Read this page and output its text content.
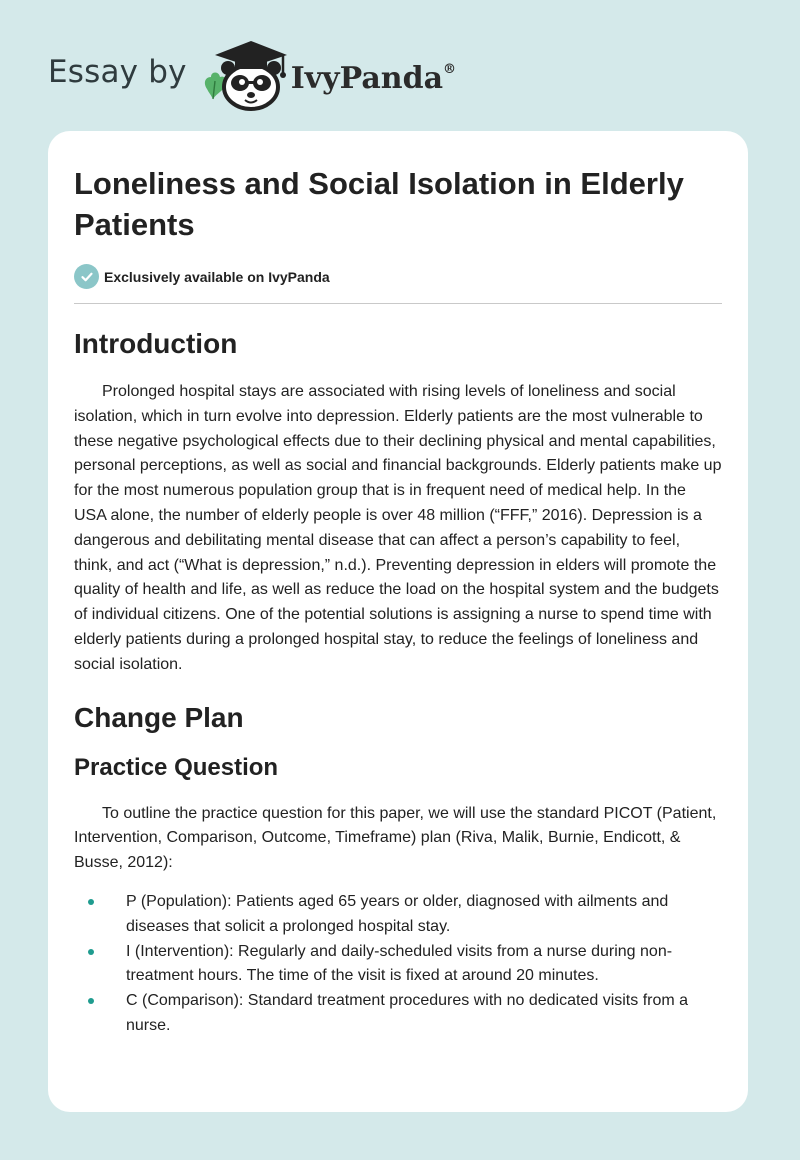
Essay by	IvyPanda®
Loneliness and Social Isolation in Elderly Patients
Exclusively available on IvyPanda
Introduction

Prolonged hospital stays are associated with rising levels of loneliness and social isolation, which in turn evolve into depression. Elderly patients are the most vulnerable to these negative psychological effects due to their declining physical and mental capabilities, personal perceptions, as well as social and financial backgrounds. Elderly patients make up for the most numerous population group that is in frequent need of medical help. In the USA alone, the number of elderly people is over 48 million (“FFF,” 2016). Depression is a dangerous and debilitating mental disease that can affect a person’s capability to feel, think, and act (“What is depression,” n.d.). Preventing depression in elders will promote the quality of health and life, as well as reduce the load on the hospital system and the budgets of individual citizens. One of the potential solutions is assigning a nurse to spend time with elderly patients during a prolonged hospital stay, to reduce the feelings of loneliness and social isolation.

Change Plan
Practice Question

To outline the practice question for this paper, we will use the standard PICOT (Patient, Intervention, Comparison, Outcome, Timeframe) plan (Riva, Malik, Burnie, Endicott, & Busse, 2012):

P (Population): Patients aged 65 years or older, diagnosed with ailments and diseases that solicit a prolonged hospital stay.
I (Intervention): Regularly and daily-scheduled visits from a nurse during non-treatment hours. The time of the visit is fixed at around 20 minutes.
C (Comparison): Standard treatment procedures with no dedicated visits from a nurse.
